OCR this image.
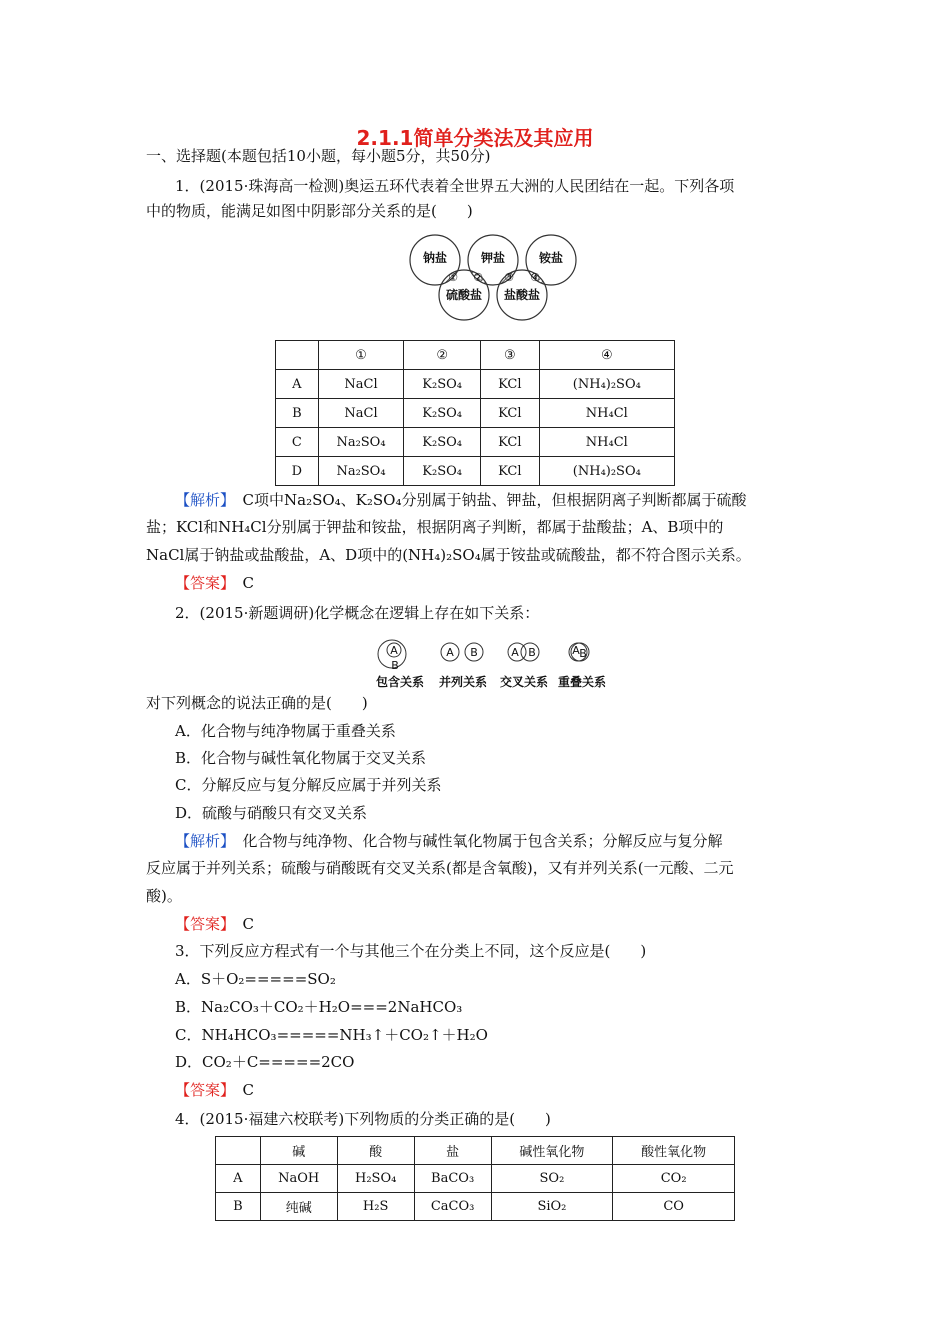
2.1.1简单分类法及其应用
一、选择题(本题包括10小题，每小题5分，共50分)
1．(2015·珠海高一检测)奥运五环代表着全世界五大洲的人民团结在一起。下列各项
中的物质，能满足如图中阴影部分关系的是(　　)
钠盐	钾盐	铵盐
硫酸盐 盐酸盐
① ② ③ ④
	①	②	③	④
A	NaCl	K₂SO₄	KCl	(NH₄)₂SO₄
B	NaCl	K₂SO₄	KCl	NH₄Cl
C	Na₂SO₄	K₂SO₄	KCl	NH₄Cl
D	Na₂SO₄	K₂SO₄	KCl	(NH₄)₂SO₄
【解析】　 C项中Na₂SO₄、K₂SO₄分别属于钠盐、钾盐，但根据阴离子判断都属于硫酸
盐；KCl和NH₄Cl分别属于钾盐和铵盐，根据阴离子判断，都属于盐酸盐；A、B项中的
NaCl属于钠盐或盐酸盐，A、D项中的(NH₄)₂SO₄属于铵盐或硫酸盐，都不符合图示关系。
【答案】　 C
2．(2015·新题调研)化学概念在逻辑上存在如下关系：
A
B
A B	A B	A B
包含关系 并列关系 交叉关系 重叠关系
对下列概念的说法正确的是(　　)
A．化合物与纯净物属于重叠关系
B．化合物与碱性氧化物属于交叉关系
C．分解反应与复分解反应属于并列关系
D．硫酸与硝酸只有交叉关系
【解析】　 化合物与纯净物、化合物与碱性氧化物属于包含关系；分解反应与复分解
反应属于并列关系；硫酸与硝酸既有交叉关系(都是含氧酸)，又有并列关系(一元酸、二元
酸)。
【答案】　 C
3．下列反应方程式有一个与其他三个在分类上不同，这个反应是(　　)
A．S＋O₂=====SO₂
B．Na₂CO₃＋CO₂＋H₂O===2NaHCO₃
C．NH₄HCO₃=====NH₃↑＋CO₂↑＋H₂O
D．CO₂＋C=====2CO
【答案】　 C
4．(2015·福建六校联考)下列物质的分类正确的是(　　)
	碱	酸	盐	碱性氧化物	酸性氧化物
A	NaOH	H₂SO₄	BaCO₃	SO₂	CO₂
B	纯碱	H₂S	CaCO₃	SiO₂	CO
